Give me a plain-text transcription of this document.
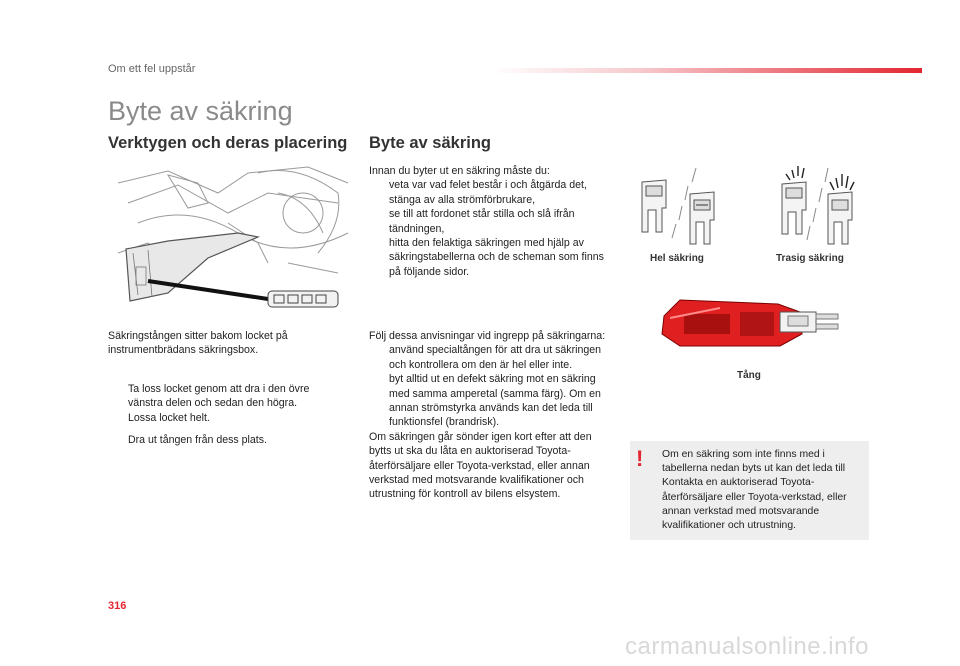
Om ett fel uppstår
Byte av säkring
Verktygen och deras placering
Säkringstången sitter bakom locket på instrumentbrädans säkringsbox.
Ta loss locket genom att dra i den övre vänstra delen och sedan den högra.
Lossa locket helt.
Dra ut tången från dess plats.
Byte av säkring
Innan du byter ut en säkring måste du:
veta var vad felet består i och åtgärda det,
stänga av alla strömförbrukare,
se till att fordonet står stilla och slå ifrån tändningen,
hitta den felaktiga säkringen med hjälp av säkringstabellerna och de scheman som finns på följande sidor.
Följ dessa anvisningar vid ingrepp på säkringarna:
använd specialtången för att dra ut säkringen och kontrollera om den är hel eller inte.
byt alltid ut en defekt säkring mot en säkring med samma amperetal (samma färg). Om en annan strömstyrka används kan det leda till funktionsfel (brandrisk).
Om säkringen går sönder igen kort efter att den bytts ut ska du låta en auktoriserad Toyota-återförsäljare eller Toyota-verkstad, eller annan verkstad med motsvarande kvalifikationer och utrustning för kontroll av bilens elsystem.
Hel säkring	Trasig säkring
Tång
! Om en säkring som inte finns med i tabellerna nedan byts ut kan det leda till Kontakta en auktoriserad Toyota-återförsäljare eller Toyota-verkstad, eller annan verkstad med motsvarande kvalifikationer och utrustning.
316
carmanualsonline.info
